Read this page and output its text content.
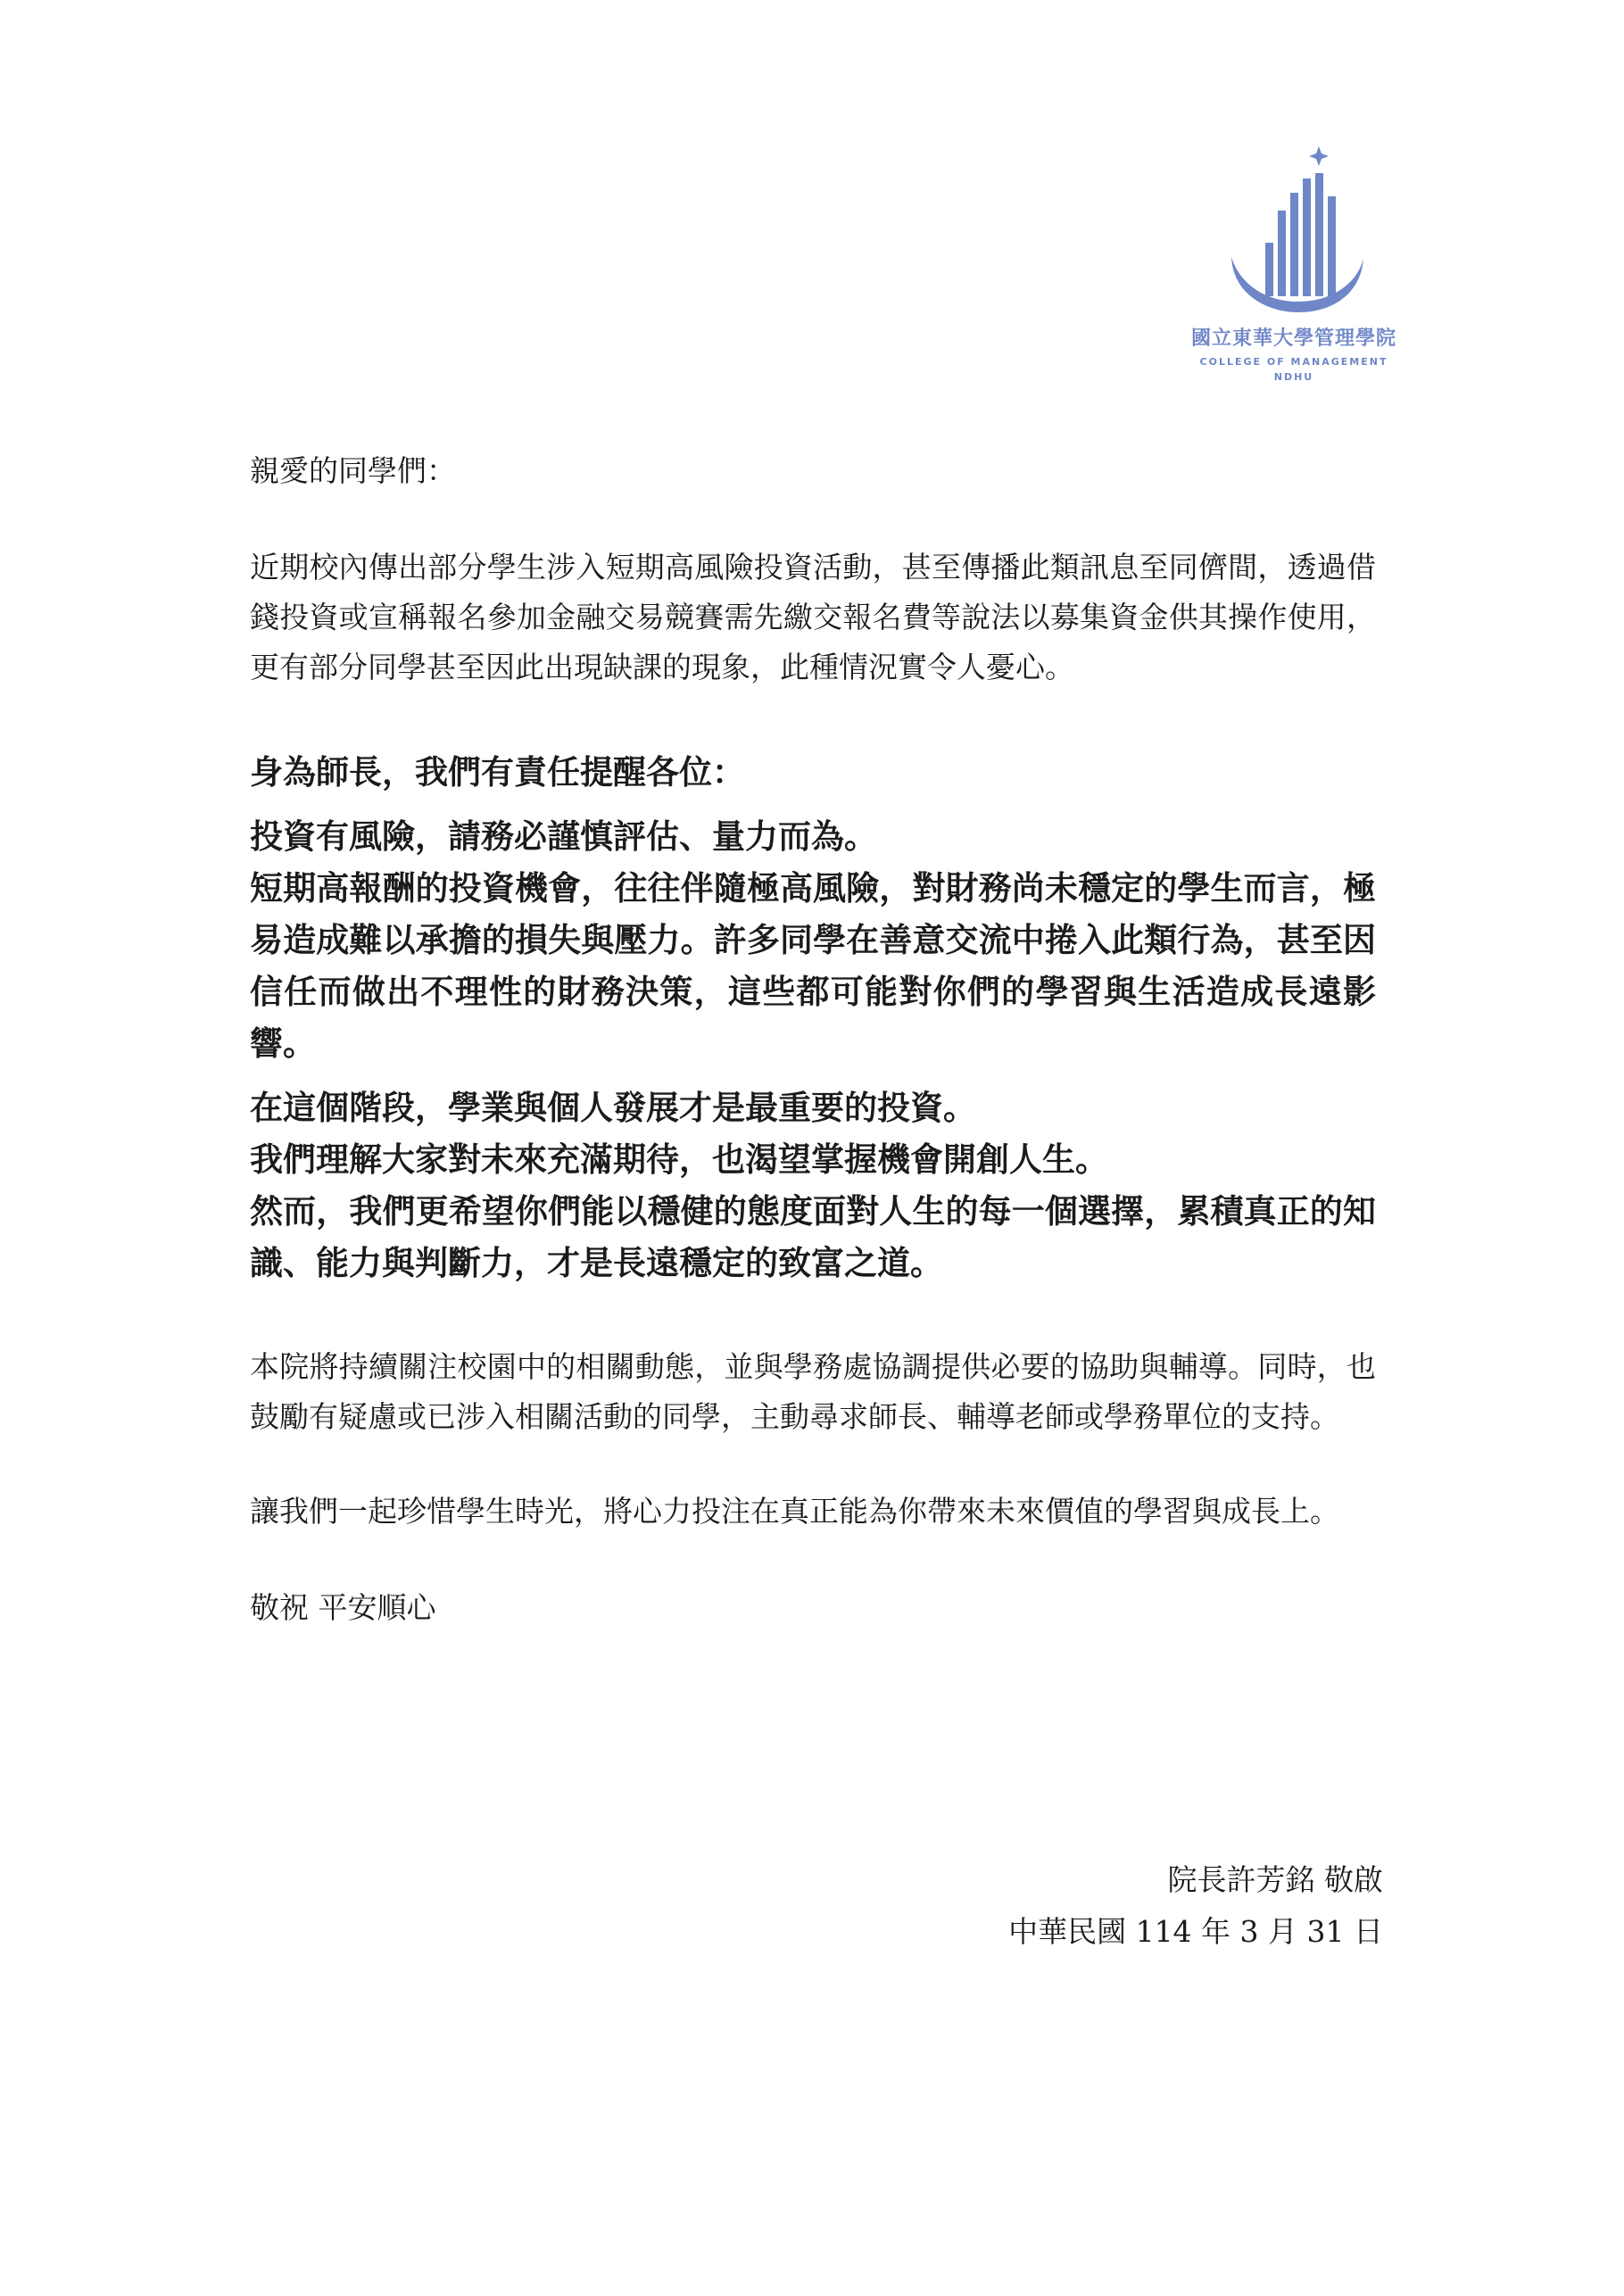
國立東華大學管理學院
COLLEGE OF MANAGEMENT
NDHU

親愛的同學們：

近期校內傳出部分學生涉入短期高風險投資活動，甚至傳播此類訊息至同儕間，透過借錢投資或宣稱報名參加金融交易競賽需先繳交報名費等說法以募集資金供其操作使用，更有部分同學甚至因此出現缺課的現象，此種情況實令人憂心。

身為師長，我們有責任提醒各位：

投資有風險，請務必謹慎評估、量力而為。

短期高報酬的投資機會，往往伴隨極高風險，對財務尚未穩定的學生而言，極易造成難以承擔的損失與壓力。許多同學在善意交流中捲入此類行為，甚至因信任而做出不理性的財務決策，這些都可能對你們的學習與生活造成長遠影響。

在這個階段，學業與個人發展才是最重要的投資。

我們理解大家對未來充滿期待，也渴望掌握機會開創人生。

然而，我們更希望你們能以穩健的態度面對人生的每一個選擇，累積真正的知識、能力與判斷力，才是長遠穩定的致富之道。

本院將持續關注校園中的相關動態，並與學務處協調提供必要的協助與輔導。同時，也鼓勵有疑慮或已涉入相關活動的同學，主動尋求師長、輔導老師或學務單位的支持。

讓我們一起珍惜學生時光，將心力投注在真正能為你帶來未來價值的學習與成長上。

敬祝 平安順心

院長許芳銘 敬啟
中華民國 114 年 3 月 31 日
